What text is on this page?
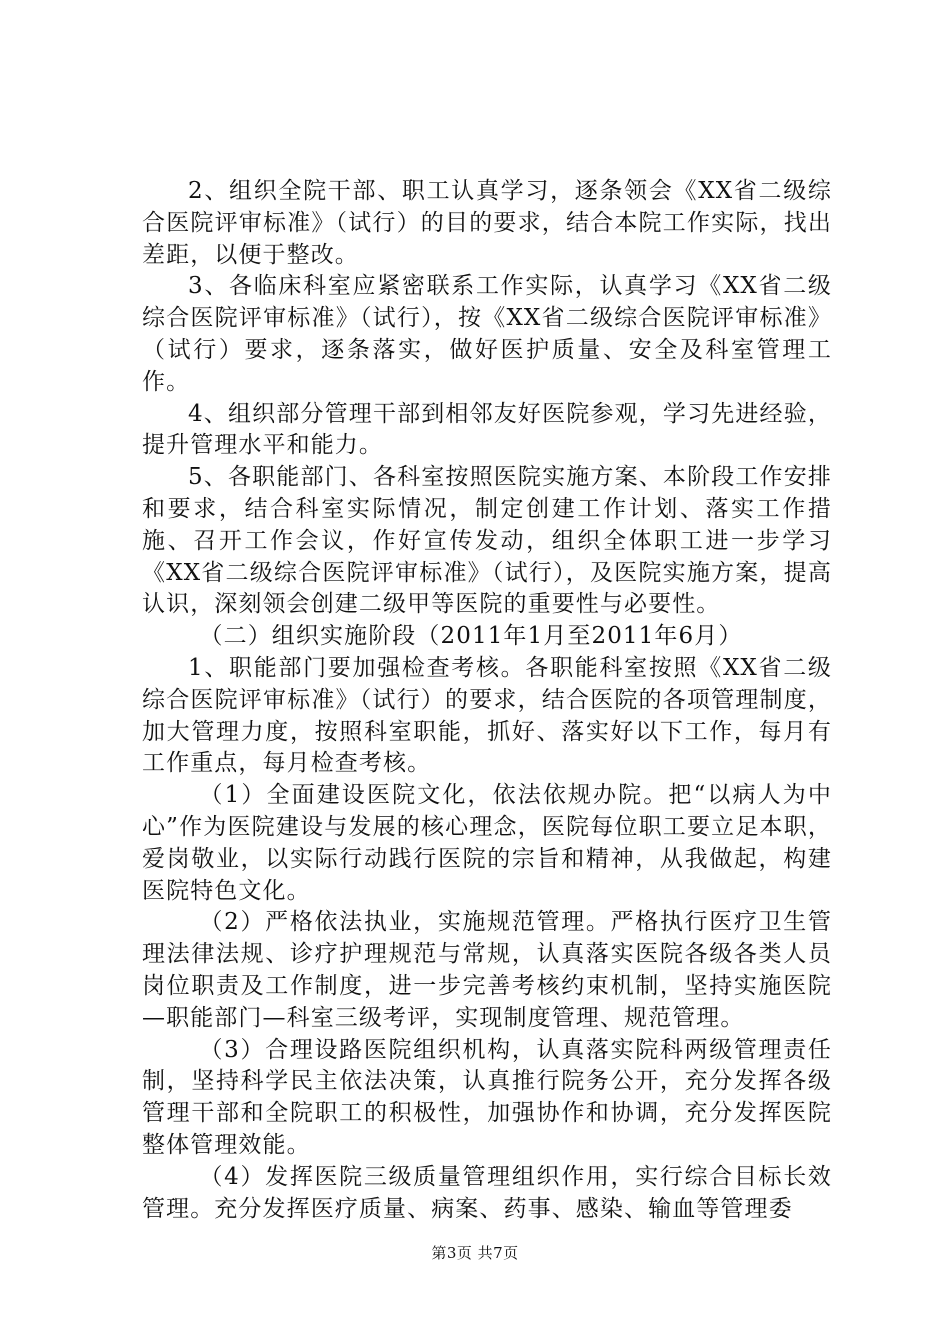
2、组织全院干部、职工认真学习，逐条领会《XX省二级综合医院评审标准》（试行）的目的要求，结合本院工作实际，找出差距，以便于整改。

3、各临床科室应紧密联系工作实际，认真学习《XX省二级综合医院评审标准》（试行），按《XX省二级综合医院评审标准》（试行）要求，逐条落实，做好医护质量、安全及科室管理工作。

4、组织部分管理干部到相邻友好医院参观，学习先进经验，提升管理水平和能力。

5、各职能部门、各科室按照医院实施方案、本阶段工作安排和要求，结合科室实际情况，制定创建工作计划、落实工作措施、召开工作会议，作好宣传发动，组织全体职工进一步学习《XX省二级综合医院评审标准》（试行），及医院实施方案，提高认识，深刻领会创建二级甲等医院的重要性与必要性。

（二）组织实施阶段（2011年1月至2011年6月）

1、职能部门要加强检查考核。各职能科室按照《XX省二级综合医院评审标准》（试行）的要求，结合医院的各项管理制度，加大管理力度，按照科室职能，抓好、落实好以下工作，每月有工作重点，每月检查考核。

（1）全面建设医院文化，依法依规办院。把“以病人为中心”作为医院建设与发展的核心理念，医院每位职工要立足本职，爱岗敬业，以实际行动践行医院的宗旨和精神，从我做起，构建医院特色文化。

（2）严格依法执业，实施规范管理。严格执行医疗卫生管理法律法规、诊疗护理规范与常规，认真落实医院各级各类人员岗位职责及工作制度，进一步完善考核约束机制，坚持实施医院—职能部门—科室三级考评，实现制度管理、规范管理。

（3）合理设路医院组织机构，认真落实院科两级管理责任制，坚持科学民主依法决策，认真推行院务公开，充分发挥各级管理干部和全院职工的积极性，加强协作和协调，充分发挥医院整体管理效能。

（4）发挥医院三级质量管理组织作用，实行综合目标长效管理。充分发挥医疗质量、病案、药事、感染、输血等管理委

第3页 共7页
